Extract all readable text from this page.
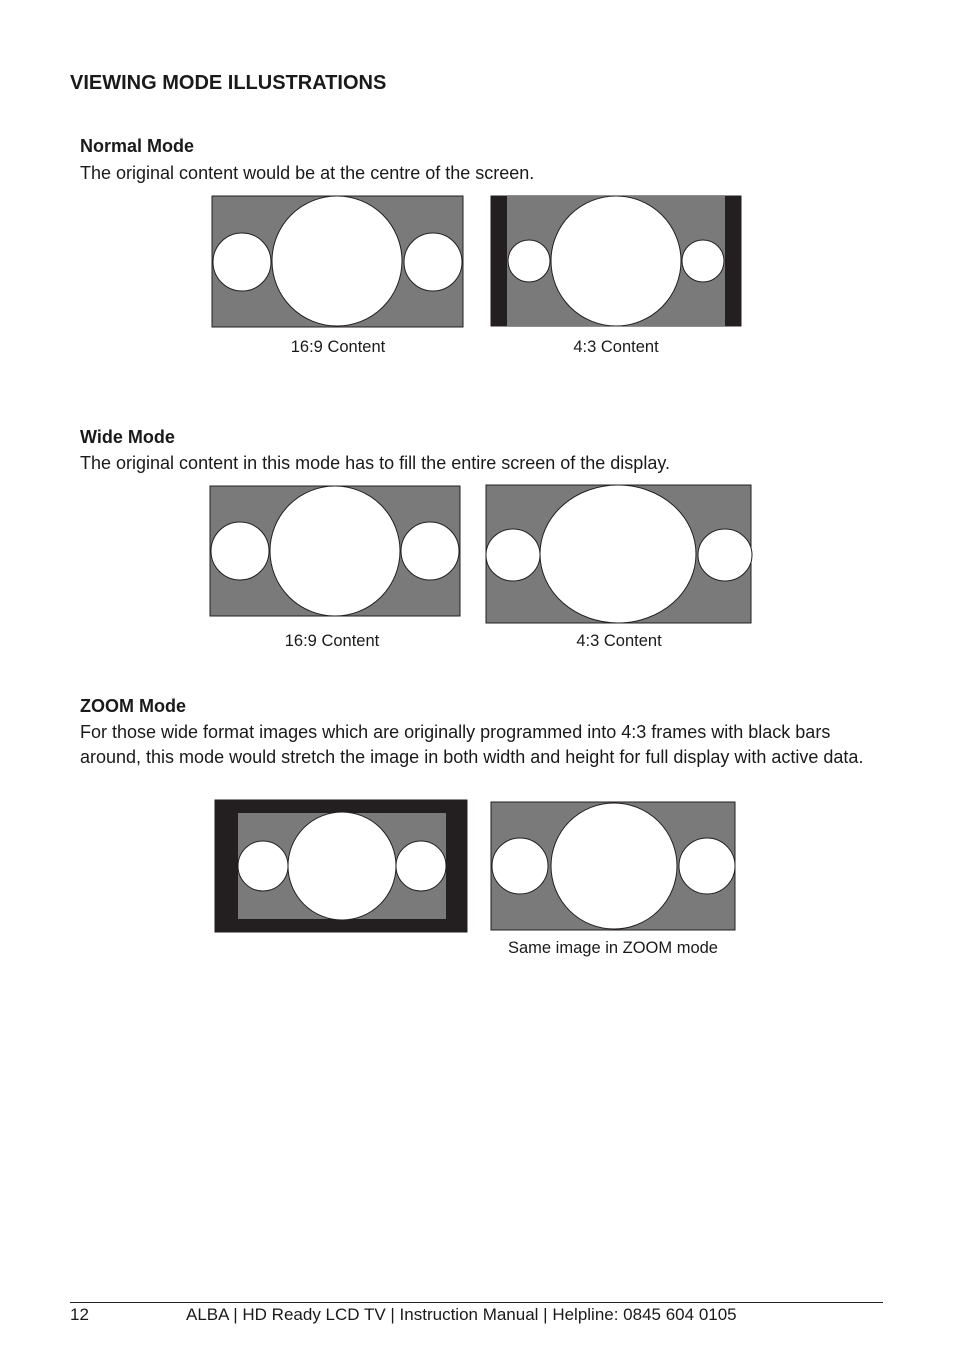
VIEWING MODE ILLUSTRATIONS
Normal Mode
The original content would be at the centre of the screen.
16:9 Content	4:3 Content
Wide Mode
The original content in this mode has to fill the entire screen of the display.
16:9 Content	4:3 Content
ZOOM Mode
For those wide format images which are originally programmed into 4:3 frames with black bars around, this mode would stretch the image in both width and height for full display with active data.
Same image in ZOOM mode
12	ALBA | HD Ready LCD TV | Instruction Manual | Helpline: 0845 604 0105
